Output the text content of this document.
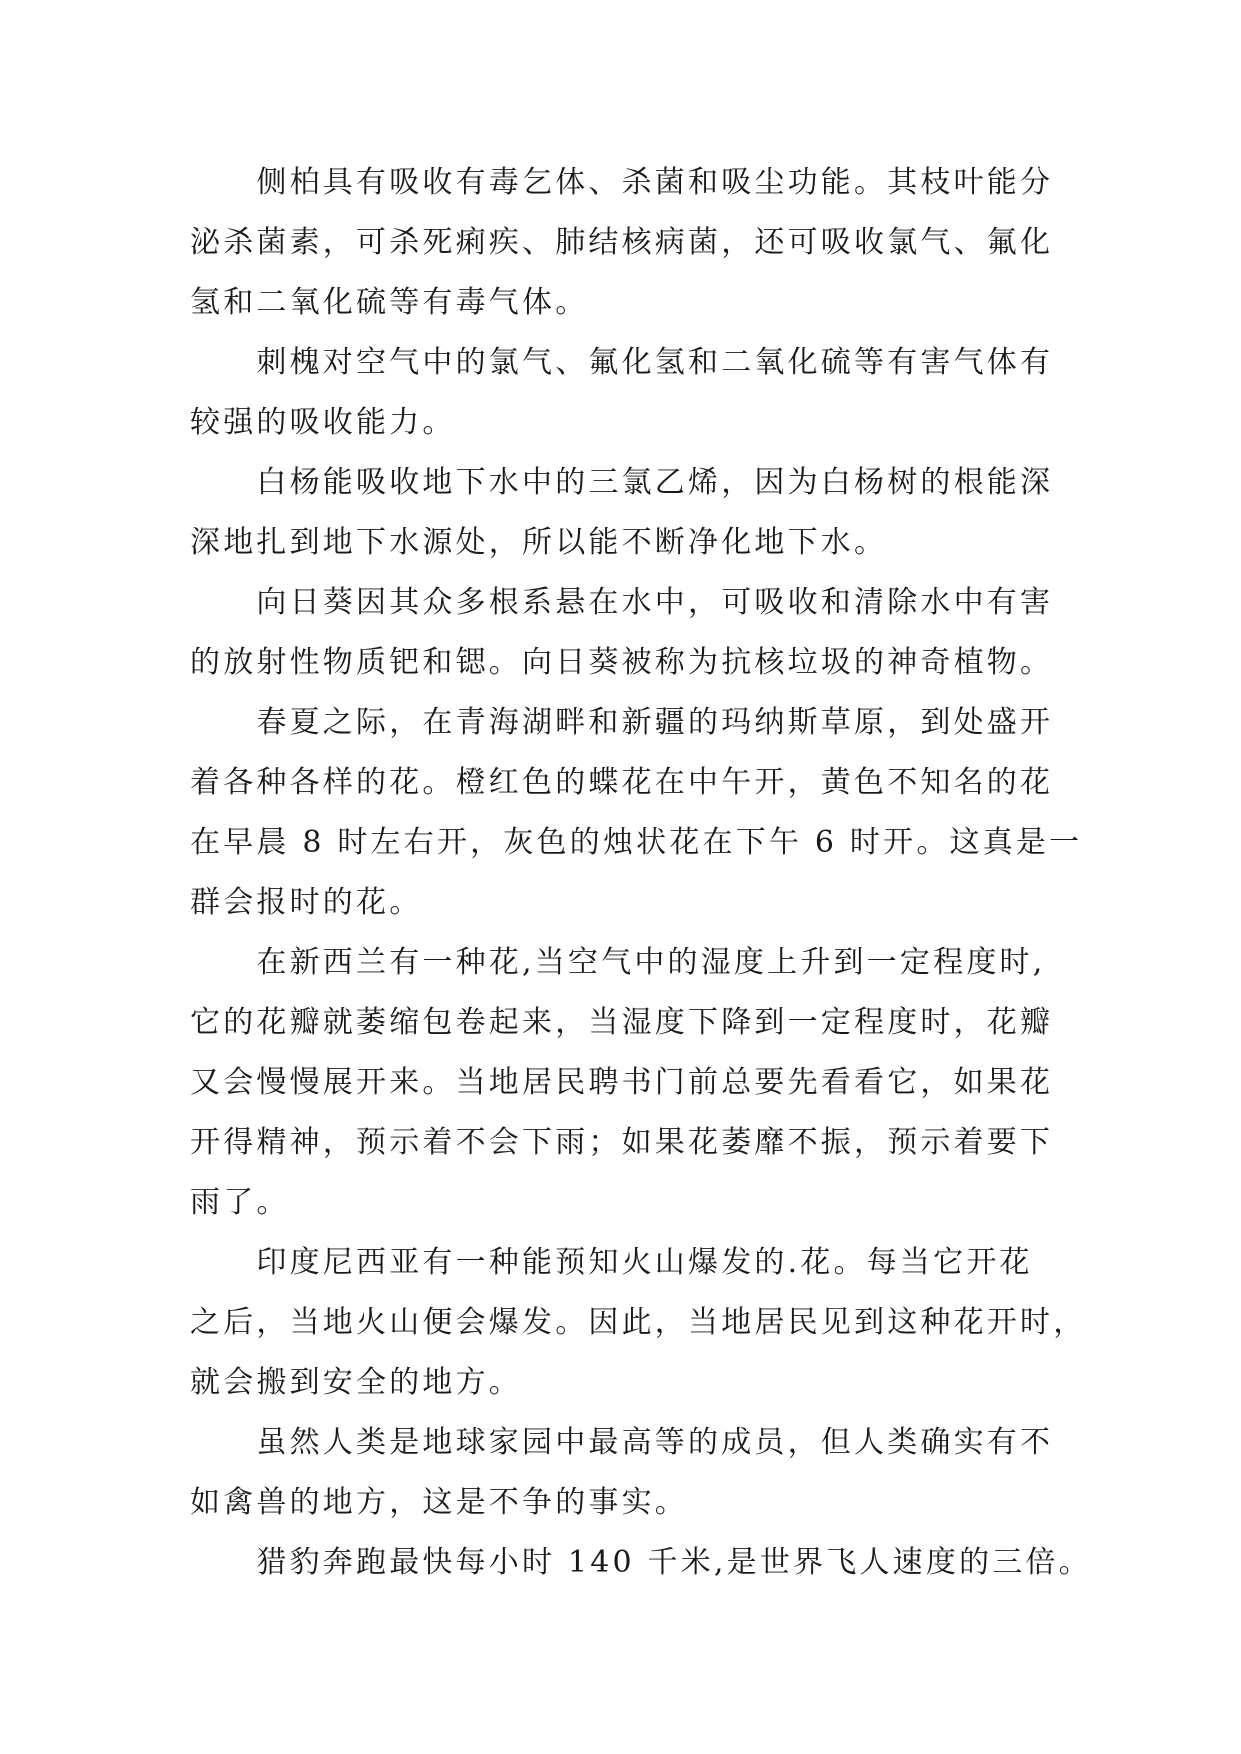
　　侧柏具有吸收有毒乞体、杀菌和吸尘功能。其枝叶能分
泌杀菌素，可杀死痢疾、肺结核病菌，还可吸收氯气、氟化
氢和二氧化硫等有毒气体。
　　刺槐对空气中的氯气、氟化氢和二氧化硫等有害气体有
较强的吸收能力。
　　白杨能吸收地下水中的三氯乙烯，因为白杨树的根能深
深地扎到地下水源处，所以能不断净化地下水。
　　向日葵因其众多根系悬在水中，可吸收和清除水中有害
的放射性物质钯和锶。向日葵被称为抗核垃圾的神奇植物。
　　春夏之际，在青海湖畔和新疆的玛纳斯草原，到处盛开
着各种各样的花。橙红色的蝶花在中午开，黄色不知名的花
在早晨 8 时左右开，灰色的烛状花在下午 6 时开。这真是一
群会报时的花。
　　在新西兰有一种花,当空气中的湿度上升到一定程度时,
它的花瓣就萎缩包卷起来，当湿度下降到一定程度时，花瓣
又会慢慢展开来。当地居民聘书门前总要先看看它，如果花
开得精神，预示着不会下雨；如果花萎靡不振，预示着要下
雨了。
　　印度尼西亚有一种能预知火山爆发的.花。每当它开花
之后，当地火山便会爆发。因此，当地居民见到这种花开时，
就会搬到安全的地方。
　　虽然人类是地球家园中最高等的成员，但人类确实有不
如禽兽的地方，这是不争的事实。
　　猎豹奔跑最快每小时 140 千米,是世界飞人速度的三倍。
